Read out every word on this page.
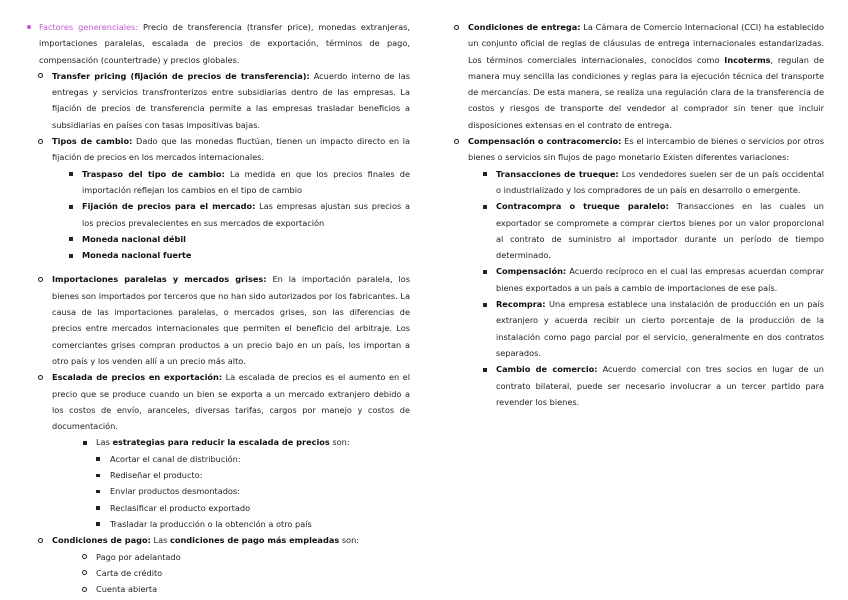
Factores generenciales: Precio de transferencia (transfer price), monedas extranjeras, importaciones paralelas, escalada de precios de exportación, términos de pago, compensación (countertrade) y precios globales.
Transfer pricing (fijación de precios de transferencia): Acuerdo interno de las entregas y servicios transfronterizos entre subsidiarias dentro de las empresas. La fijación de precios de transferencia permite a las empresas trasladar beneficios a subsidiarias en países con tasas impositivas bajas.
Tipos de cambio: Dado que las monedas fluctúan, tienen un impacto directo en la fijación de precios en los mercados internacionales.
Traspaso del tipo de cambio: La medida en que los precios finales de importación reflejan los cambios en el tipo de cambio
Fijación de precios para el mercado: Las empresas ajustan sus precios a los precios prevalecientes en sus mercados de exportación
Moneda nacional débil
Moneda nacional fuerte
Importaciones paralelas y mercados grises: En la importación paralela, los bienes son importados por terceros que no han sido autorizados por los fabricantes. La causa de las importaciones paralelas, o mercados grises, son las diferencias de precios entre mercados internacionales que permiten el beneficio del arbitraje. Los comerciantes grises compran productos a un precio bajo en un país, los importan a otro país y los venden allí a un precio más alto.
Escalada de precios en exportación: La escalada de precios es el aumento en el precio que se produce cuando un bien se exporta a un mercado extranjero debido a los costos de envío, aranceles, diversas tarifas, cargos por manejo y costos de documentación.
Las estrategias para reducir la escalada de precios son:
Acortar el canal de distribución:
Rediseñar el producto:
Enviar productos desmontados:
Reclasificar el producto exportado
Trasladar la producción o la obtención a otro país
Condiciones de pago: Las condiciones de pago más empleadas son:
Pago por adelantado
Carta de crédito
Cuenta abierta
Condiciones de entrega: La Cámara de Comercio Internacional (CCI) ha establecido un conjunto oficial de reglas de cláusulas de entrega internacionales estandarizadas. Los términos comerciales internacionales, conocidos como Incoterms, regulan de manera muy sencilla las condiciones y reglas para la ejecución técnica del transporte de mercancías. De esta manera, se realiza una regulación clara de la transferencia de costos y riesgos de transporte del vendedor al comprador sin tener que incluir disposiciones extensas en el contrato de entrega.
Compensación o contracomercio: Es el intercambio de bienes o servicios por otros bienes o servicios sin flujos de pago monetario Existen diferentes variaciones:
Transacciones de trueque: Los vendedores suelen ser de un país occidental o industrializado y los compradores de un país en desarrollo o emergente.
Contracompra o trueque paralelo: Transacciones en las cuales un exportador se compromete a comprar ciertos bienes por un valor proporcional al contrato de suministro al importador durante un período de tiempo determinado.
Compensación: Acuerdo recíproco en el cual las empresas acuerdan comprar bienes exportados a un país a cambio de importaciones de ese país.
Recompra: Una empresa establece una instalación de producción en un país extranjero y acuerda recibir un cierto porcentaje de la producción de la instalación como pago parcial por el servicio, generalmente en dos contratos separados.
Cambio de comercio: Acuerdo comercial con tres socios en lugar de un contrato bilateral, puede ser necesario involucrar a un tercer partido para revender los bienes.
